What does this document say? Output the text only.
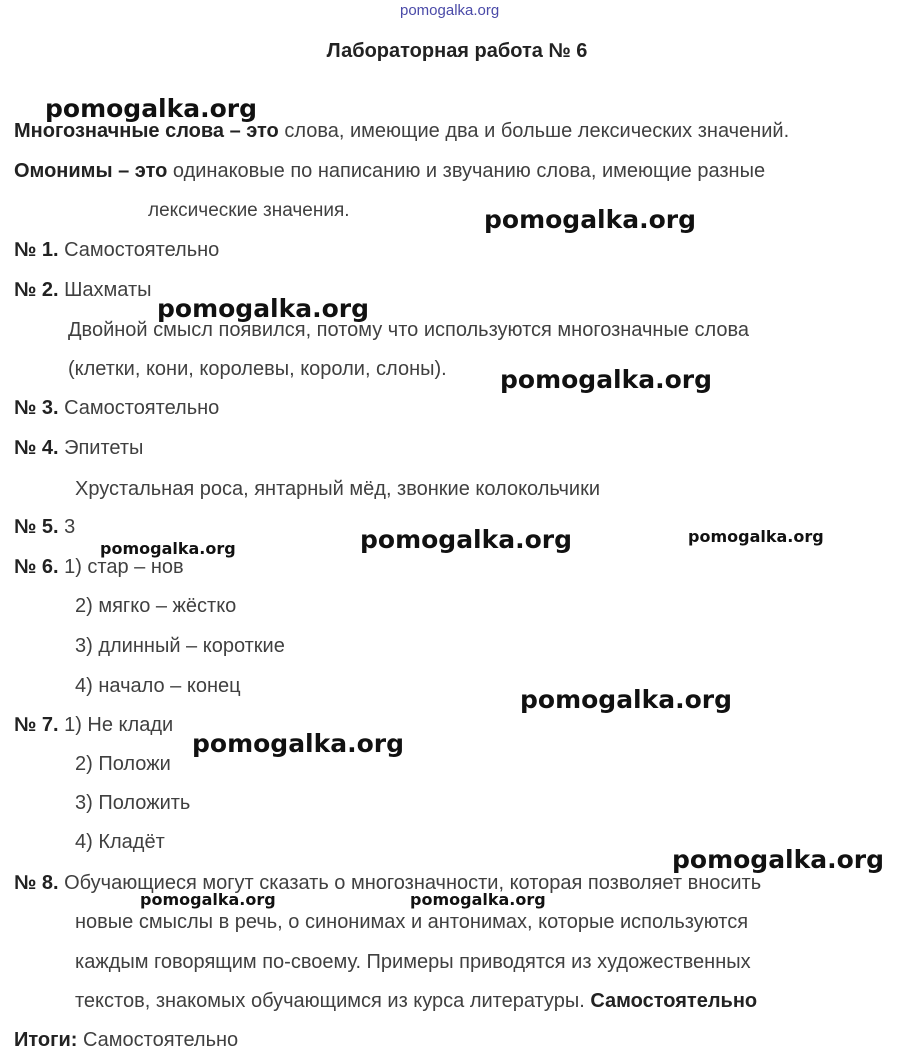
pomogalka.org
Лабораторная работа № 6
Многозначные слова – это слова, имеющие два и больше лексических значений.
Омонимы – это одинаковые по написанию и звучанию слова, имеющие разные
лексические значения.
№ 1. Самостоятельно
№ 2. Шахматы
Двойной смысл появился, потому что используются многозначные слова
(клетки, кони, королевы, короли, слоны).
№ 3. Самостоятельно
№ 4. Эпитеты
Хрустальная роса, янтарный мёд, звонкие колокольчики
№ 5. 3
№ 6. 1) стар – нов
2) мягко – жёстко
3) длинный – короткие
4) начало – конец
№ 7. 1) Не клади
2) Положи
3) Положить
4) Кладёт
№ 8. Обучающиеся могут сказать о многозначности, которая позволяет вносить
новые смыслы в речь, о синонимах и антонимах, которые используются
каждым говорящим по-своему. Примеры приводятся из художественных
текстов, знакомых обучающимся из курса литературы. Самостоятельно
Итоги: Самостоятельно
pomogalka.org
pomogalka.org
pomogalka.org
pomogalka.org
pomogalka.org	pomogalka.org
pomogalka.org
pomogalka.org
pomogalka.org
pomogalka.org
pomogalka.org	pomogalka.org
